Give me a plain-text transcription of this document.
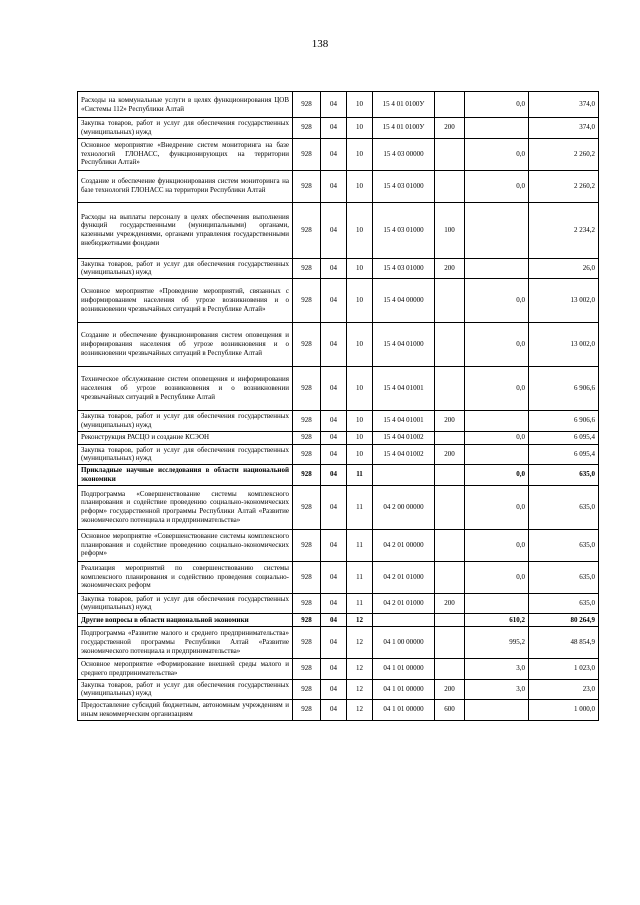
138
Расходы на коммунальные услуги в целях функционирования ЦОВ «Системы 112» Республики Алтай	928	04	10	15 4 01 0100У		0,0	374,0
Закупка товаров, работ и услуг для обеспечения государственных (муниципальных) нужд	928	04	10	15 4 01 0100У	200		374,0
Основное мероприятие «Внедрение систем мониторинга на базе технологий ГЛОНАСС, функционирующих на территории Республики Алтай»	928	04	10	15 4 03 00000		0,0	2 260,2
Создание и обеспечение функционирования систем мониторинга на базе технологий ГЛОНАСС на территории Республики Алтай	928	04	10	15 4 03 01000		0,0	2 260,2
Расходы на выплаты персоналу в целях обеспечения выполнения функций государственными (муниципальными) органами, казенными учреждениями, органами управления государственными внебюджетными фондами	928	04	10	15 4 03 01000	100		2 234,2
Закупка товаров, работ и услуг для обеспечения государственных (муниципальных) нужд	928	04	10	15 4 03 01000	200		26,0
Основное мероприятие «Проведение мероприятий, связанных с информированием населения об угрозе возникновения и о возникновении чрезвычайных ситуаций в Республике Алтай»	928	04	10	15 4 04 00000		0,0	13 002,0
Создание и обеспечение функционирования систем оповещения и информирования населения об угрозе возникновения и о возникновении чрезвычайных ситуаций в Республике Алтай	928	04	10	15 4 04 01000		0,0	13 002,0
Техническое обслуживание систем оповещения и информирования населения об угрозе возникновения и о возникновении чрезвычайных ситуаций в Республике Алтай	928	04	10	15 4 04 01001		0,0	6 906,6
Закупка товаров, работ и услуг для обеспечения государственных (муниципальных) нужд	928	04	10	15 4 04 01001	200		6 906,6
Реконструкция РАСЦО и создание КСЭОН	928	04	10	15 4 04 01002		0,0	6 095,4
Закупка товаров, работ и услуг для обеспечения государственных (муниципальных) нужд	928	04	10	15 4 04 01002	200		6 095,4
Прикладные научные исследования в области национальной экономики	928	04	11			0,0	635,0
Подпрограмма «Совершенствование системы комплексного планирования и содействие проведению социально-экономических реформ» государственной программы Республики Алтай «Развитие экономического потенциала и предпринимательства»	928	04	11	04 2 00 00000		0,0	635,0
Основное мероприятие «Совершенствование системы комплексного планирования и содействие проведению социально-экономических реформ»	928	04	11	04 2 01 00000		0,0	635,0
Реализация мероприятий по совершенствованию системы комплексного планирования и содействию проведения социально-экономических реформ	928	04	11	04 2 01 01000		0,0	635,0
Закупка товаров, работ и услуг для обеспечения государственных (муниципальных) нужд	928	04	11	04 2 01 01000	200		635,0
Другие вопросы в области национальной экономики	928	04	12			610,2	80 264,9
Подпрограмма «Развитие малого и среднего предпринимательства» государственной программы Республики Алтай «Развитие экономического потенциала и предпринимательства»	928	04	12	04 1 00 00000		995,2	48 854,9
Основное мероприятие «Формирование внешней среды малого и среднего предпринимательства»	928	04	12	04 1 01 00000		3,0	1 023,0
Закупка товаров, работ и услуг для обеспечения государственных (муниципальных) нужд	928	04	12	04 1 01 00000	200	3,0	23,0
Предоставление субсидий бюджетным, автономным учреждениям и иным некоммерческим организациям	928	04	12	04 1 01 00000	600		1 000,0
